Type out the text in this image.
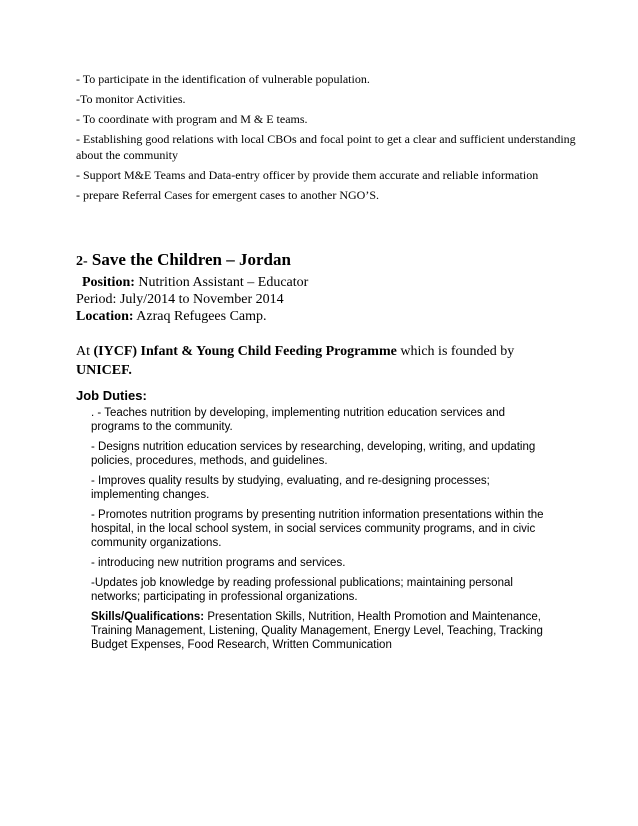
- To participate in the identification of vulnerable population.

-To monitor Activities.

- To coordinate with program and M & E teams.

- Establishing good relations with local CBOs and focal point to get a clear and sufficient understanding about the community

- Support M&E Teams and Data-entry officer by provide them accurate and reliable information

- prepare Referral Cases for emergent cases to another NGO’S.

2- Save the Children – Jordan

Position: Nutrition Assistant – Educator

Period: July/2014 to November 2014

Location: Azraq Refugees Camp.

At (IYCF) Infant & Young Child Feeding Programme which is founded by
UNICEF.

Job Duties:

. - Teaches nutrition by developing, implementing nutrition education services and programs to the community.

- Designs nutrition education services by researching, developing, writing, and updating policies, procedures, methods, and guidelines.

- Improves quality results by studying, evaluating, and re-designing processes; implementing changes.

- Promotes nutrition programs by presenting nutrition information presentations within the hospital, in the local school system, in social services community programs, and in civic community organizations.

- introducing new nutrition programs and services.

-Updates job knowledge by reading professional publications; maintaining personal networks; participating in professional organizations.

Skills/Qualifications: Presentation Skills, Nutrition, Health Promotion and Maintenance, Training Management, Listening, Quality Management, Energy Level, Teaching, Tracking Budget Expenses, Food Research, Written Communication
